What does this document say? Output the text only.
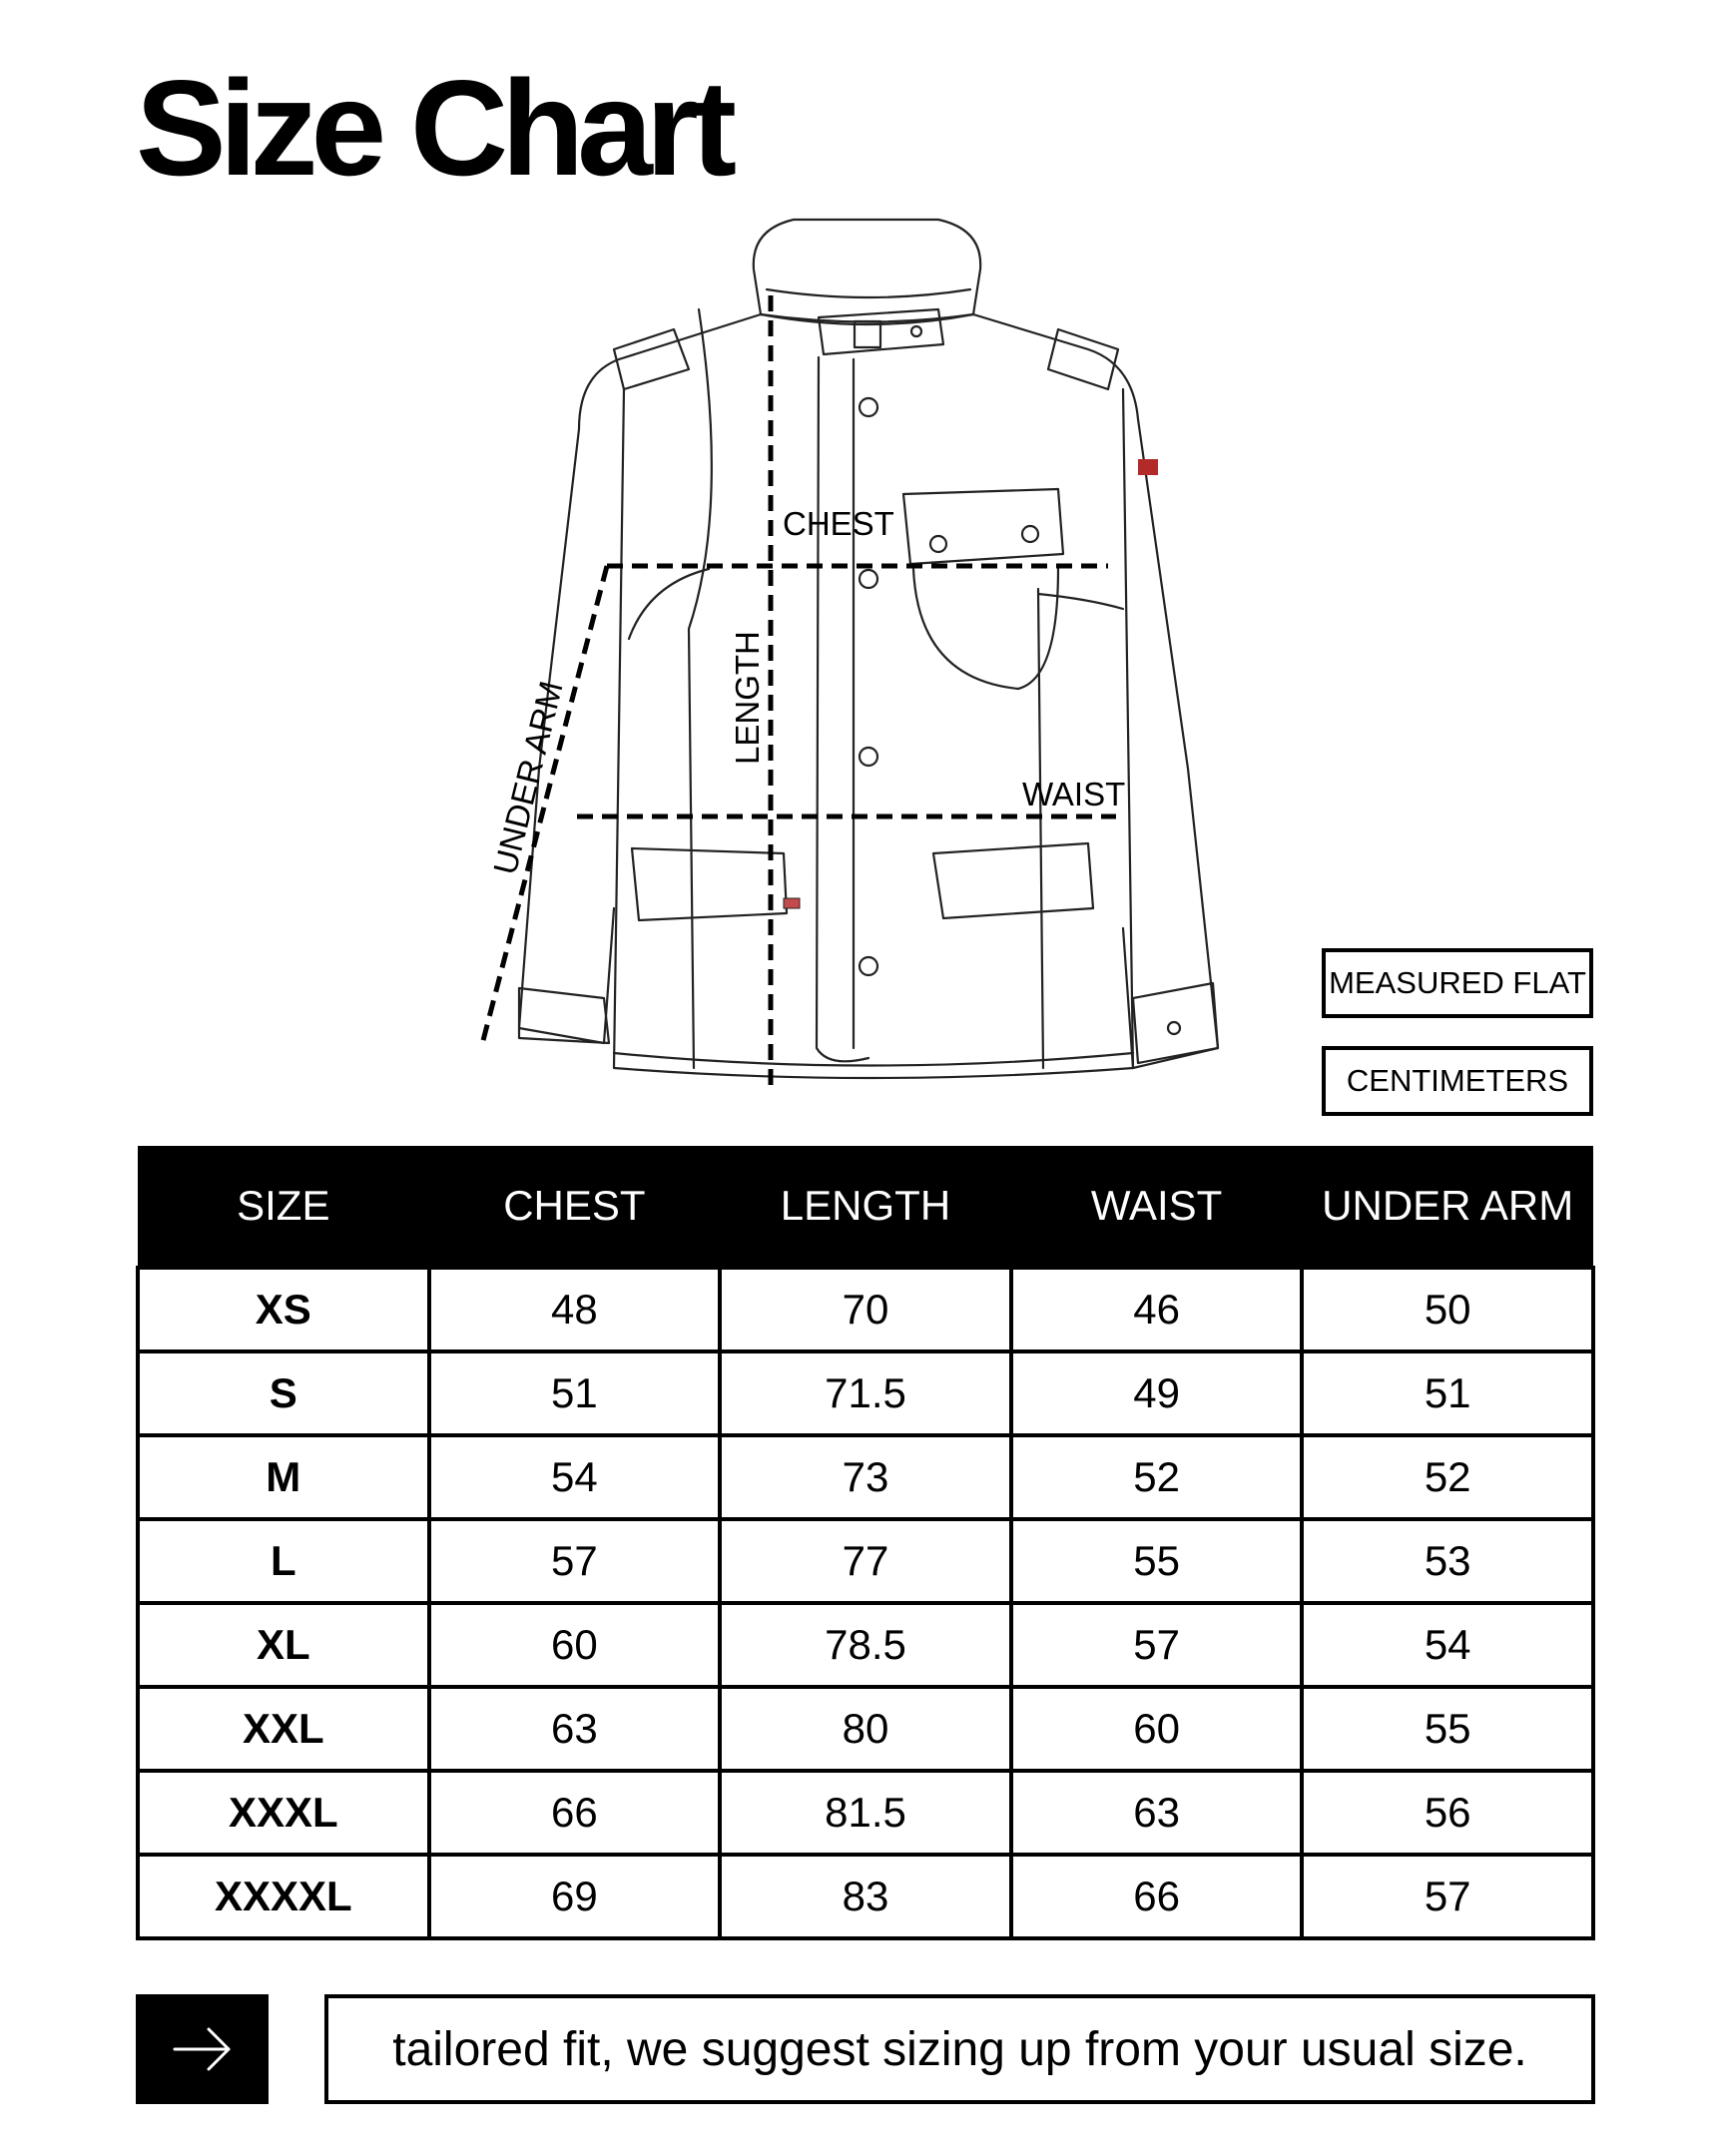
Size Chart
CHEST
WAIST
LENGTH
UNDER ARM
MEASURED FLAT
CENTIMETERS
SIZE	CHEST	LENGTH	WAIST	UNDER ARM
XS	48	70	46	50
S	51	71.5	49	51
M	54	73	52	52
L	57	77	55	53
XL	60	78.5	57	54
XXL	63	80	60	55
XXXL	66	81.5	63	56
XXXXL	69	83	66	57
tailored fit, we suggest sizing up from your usual size.
